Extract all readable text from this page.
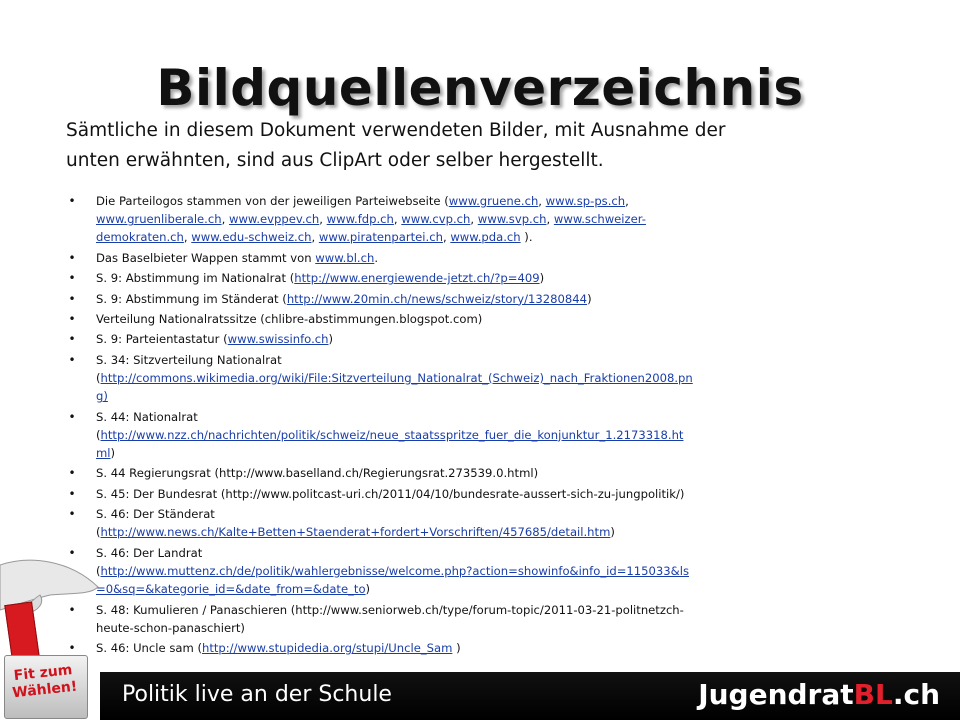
Bildquellenverzeichnis
Sämtliche in diesem Dokument verwendeten Bilder, mit Ausnahme der
unten erwähnten, sind aus ClipArt oder selber hergestellt.
• Die Parteilogos stammen von der jeweiligen Parteiwebseite (www.gruene.ch, www.sp-ps.ch,
www.gruenliberale.ch, www.evppev.ch, www.fdp.ch, www.cvp.ch, www.svp.ch, www.schweizer-
demokraten.ch, www.edu-schweiz.ch, www.piratenpartei.ch, www.pda.ch ).
• Das Baselbieter Wappen stammt von www.bl.ch.
• S. 9: Abstimmung im Nationalrat (http://www.energiewende-jetzt.ch/?p=409)
• S. 9: Abstimmung im Ständerat (http://www.20min.ch/news/schweiz/story/13280844)
• Verteilung Nationalratssitze (chlibre-abstimmungen.blogspot.com)
• S. 9: Parteientastatur (www.swissinfo.ch)
• S. 34: Sitzverteilung Nationalrat
(http://commons.wikimedia.org/wiki/File:Sitzverteilung_Nationalrat_(Schweiz)_nach_Fraktionen2008.pn
g)
• S. 44: Nationalrat
(http://www.nzz.ch/nachrichten/politik/schweiz/neue_staatsspritze_fuer_die_konjunktur_1.2173318.ht
ml)
• S. 44 Regierungsrat (http://www.baselland.ch/Regierungsrat.273539.0.html)
• S. 45: Der Bundesrat (http://www.politcast-uri.ch/2011/04/10/bundesrate-aussert-sich-zu-jungpolitik/)
• S. 46: Der Ständerat
(http://www.news.ch/Kalte+Betten+Staenderat+fordert+Vorschriften/457685/detail.htm)
• S. 46: Der Landrat
(http://www.muttenz.ch/de/politik/wahlergebnisse/welcome.php?action=showinfo&info_id=115033&ls
=0&sq=&kategorie_id=&date_from=&date_to)
• S. 48: Kumulieren / Panaschieren (http://www.seniorweb.ch/type/forum-topic/2011-03-21-politnetzch-
heute-schon-panaschiert)
• S. 46: Uncle sam (http://www.stupidedia.org/stupi/Uncle_Sam )
Fit zum
Wählen! Politik live an der Schule	JugendratBL.ch
